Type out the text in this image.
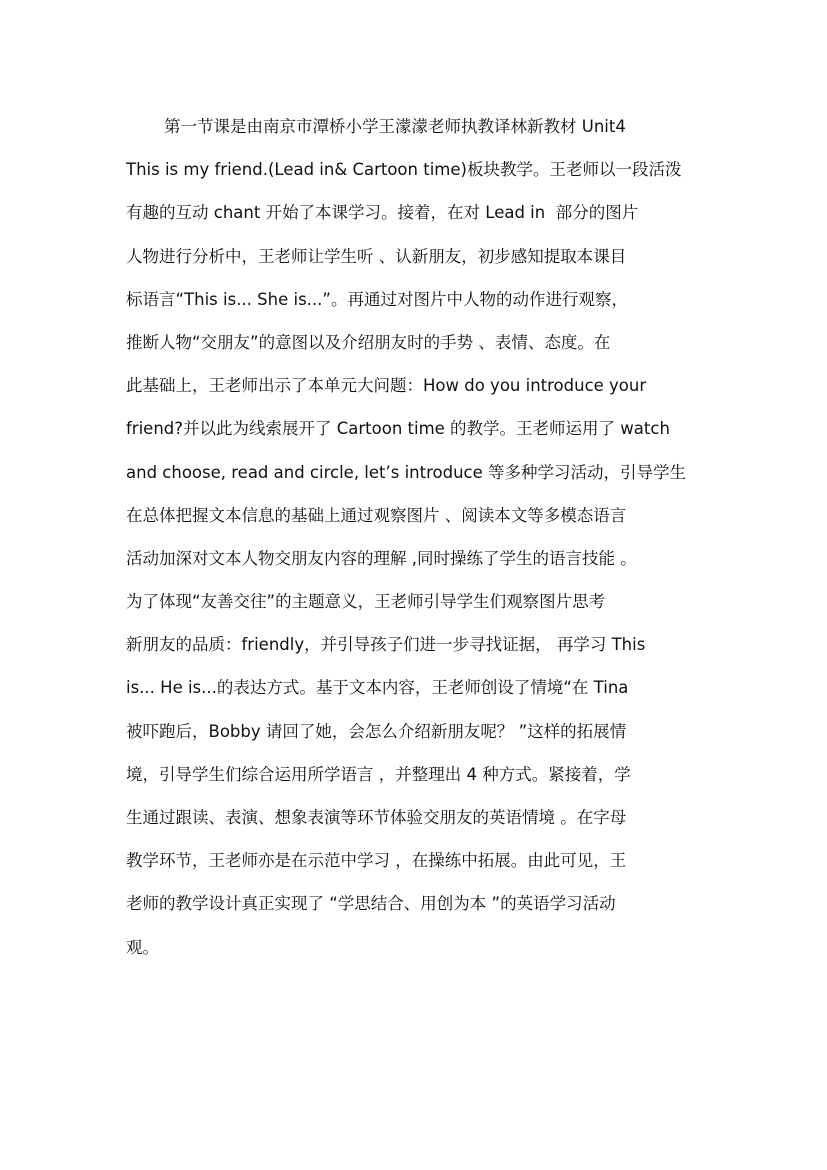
第一节课是由南京市潭桥小学王濛濛老师执教译林新教材 Unit4
This is my friend.(Lead in& Cartoon time)板块教学。王老师以一段活泼
有趣的互动 chant 开始了本课学习。接着，在对 Lead in  部分的图片
人物进行分析中，王老师让学生听 、认新朋友，初步感知提取本课目
标语言“This is... She is...”。再通过对图片中人物的动作进行观察，
推断人物“交朋友”的意图以及介绍朋友时的手势 、表情、态度。在
此基础上，王老师出示了本单元大问题：How do you introduce your
friend?并以此为线索展开了 Cartoon time 的教学。王老师运用了 watch
and choose, read and circle, let’s introduce 等多种学习活动，引导学生
在总体把握文本信息的基础上通过观察图片 、阅读本文等多模态语言
活动加深对文本人物交朋友内容的理解 ,同时操练了学生的语言技能 。
为了体现“友善交往”的主题意义，王老师引导学生们观察图片思考
新朋友的品质：friendly，并引导孩子们进一步寻找证据， 再学习 This
is... He is...的表达方式。基于文本内容，王老师创设了情境“在 Tina
被吓跑后，Bobby 请回了她，会怎么介绍新朋友呢？ ”这样的拓展情
境，引导学生们综合运用所学语言 ，并整理出 4 种方式。紧接着，学
生通过跟读、表演、想象表演等环节体验交朋友的英语情境 。在字母
教学环节，王老师亦是在示范中学习 ，在操练中拓展。由此可见，王
老师的教学设计真正实现了 “学思结合、用创为本 ”的英语学习活动
观。
